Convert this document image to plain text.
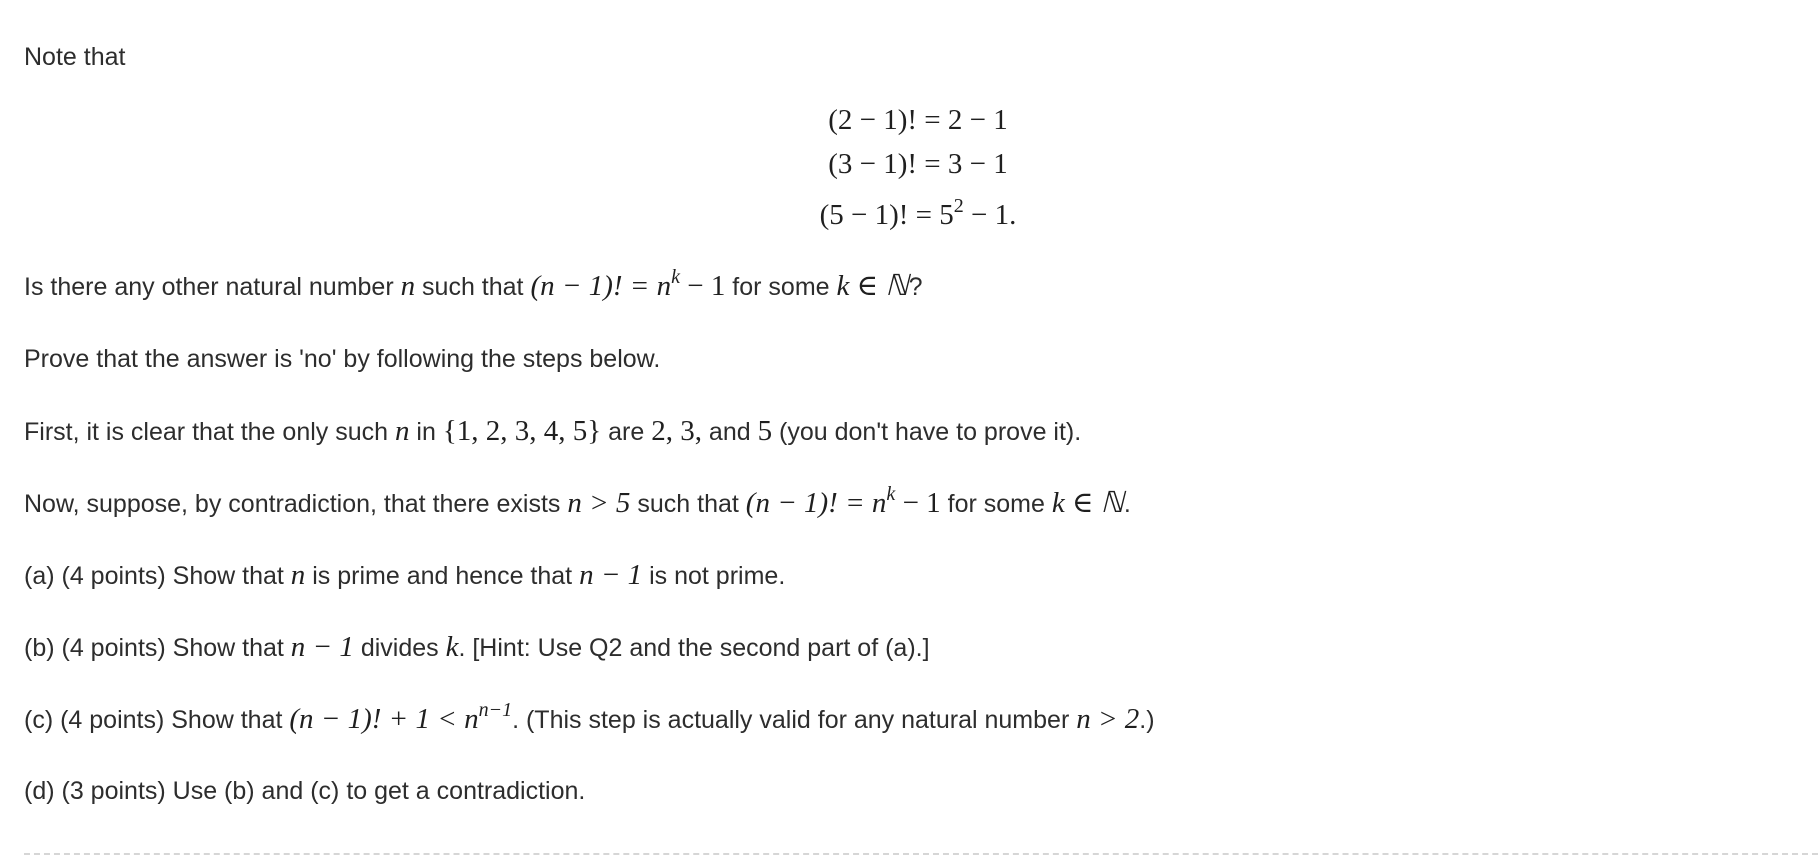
Note that
(2 − 1)! = 2 − 1
(3 − 1)! = 3 − 1
(5 − 1)! = $5^2 - 1$.
Is there any other natural number n such that (n − 1)! = $n^k - 1$ for some k ∈ ℕ?
Prove that the answer is 'no' by following the steps below.
First, it is clear that the only such n in {1, 2, 3, 4, 5} are 2, 3, and 5 (you don't have to prove it).
Now, suppose, by contradiction, that there exists n > 5 such that (n − 1)! = $n^k - 1$ for some k ∈ ℕ.
(a) (4 points) Show that n is prime and hence that n − 1 is not prime.
(b) (4 points) Show that n − 1 divides k. [Hint: Use Q2 and the second part of (a).]
(c) (4 points) Show that (n − 1)! + $1 < n^{n-1}$. (This step is actually valid for any natural number n > 2.)
(d) (3 points) Use (b) and (c) to get a contradiction.
